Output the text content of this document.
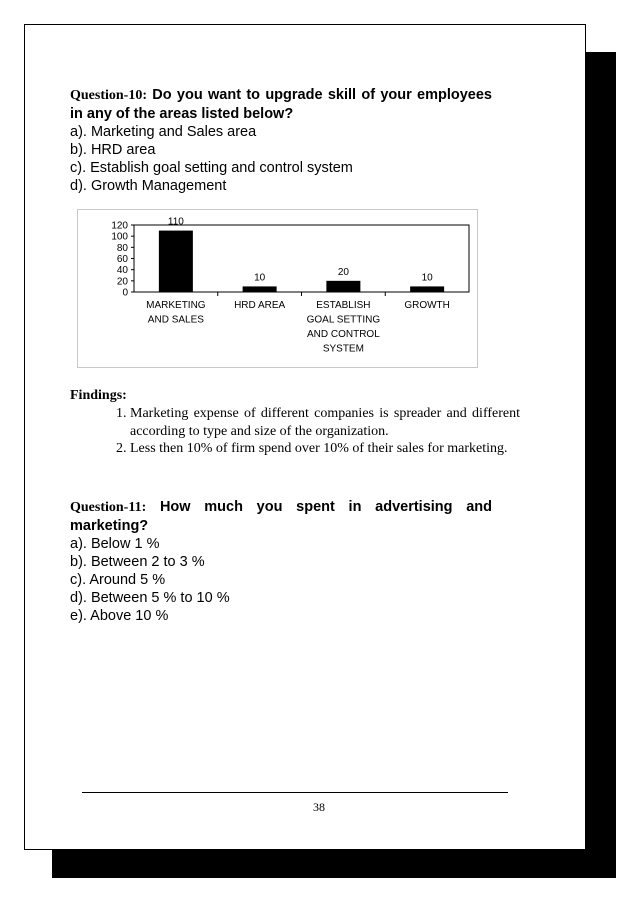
Question-10: Do you want to upgrade skill of your employees in any of the areas listed below?

a). Marketing and Sales area
b). HRD area
c). Establish goal setting and control system
d). Growth Management
0
20
40
60
80
100
120	110
MARKETING
AND SALES
10
HRD AREA
20
ESTABLISH
GOAL SETTING
AND CONTROL
SYSTEM
10
GROWTH
Findings:
1. Marketing expense of different companies is spreader and different according to type and size of the organization.
2. Less then 10% of firm spend over 10% of their sales for marketing.

Question-11: How much you spent in advertising and marketing?

a). Below 1 %
b). Between 2 to 3 %
c). Around 5 %
d). Between 5 % to 10 %
e). Above 10 %
38
